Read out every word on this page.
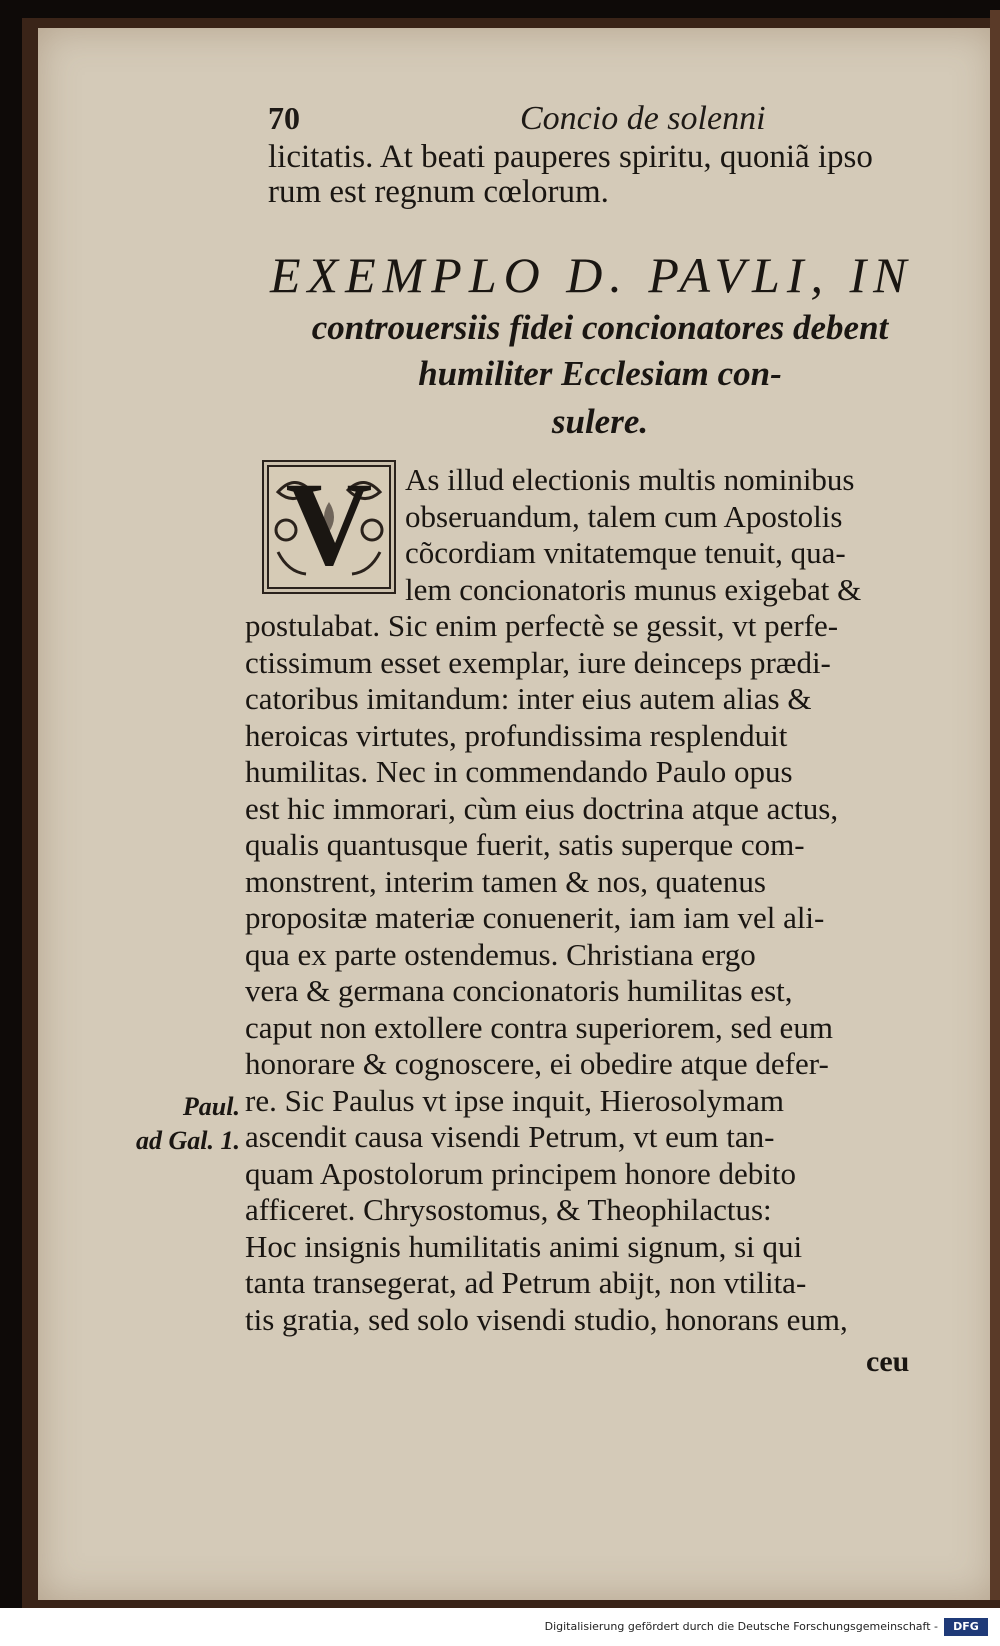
70	Concio de solenni
licitatis. At beati pauperes spiritu, quoniã ipso
rum est regnum cœlorum.
EXEMPLO D. PAVLI, IN
controuersiis fidei concionatores debent
humiliter Ecclesiam con-
sulere.
V	As illud electionis multis nominibus
obseruandum, talem cum Apostolis
cõcordiam vnitatemque tenuit, qua-
lem concionatoris munus exigebat &
postulabat. Sic enim perfectè se gessit, vt perfe-
ctissimum esset exemplar, iure deinceps prædi-
catoribus imitandum: inter eius autem alias &
heroicas virtutes, profundissima resplenduit
humilitas. Nec in commendando Paulo opus
est hic immorari, cùm eius doctrina atque actus,
qualis quantusque fuerit, satis superque com-
monstrent, interim tamen & nos, quatenus
propositæ materiæ conuenerit, iam iam vel ali-
qua ex parte ostendemus. Christiana ergo
vera & germana concionatoris humilitas est,
caput non extollere contra superiorem, sed eum
honorare & cognoscere, ei obedire atque defer-
re. Sic Paulus vt ipse inquit, Hierosolymam
ascendit causa visendi Petrum, vt eum tan-
quam Apostolorum principem honore debito
afficeret. Chrysostomus, & Theophilactus:
Hoc insignis humilitatis animi signum, si qui
tanta transegerat, ad Petrum abijt, non vtilita-
tis gratia, sed solo visendi studio, honorans eum,
Paul.
ad Gal. 1.
ceu
Digitalisierung gefördert durch die Deutsche Forschungsgemeinschaft -	DFG
